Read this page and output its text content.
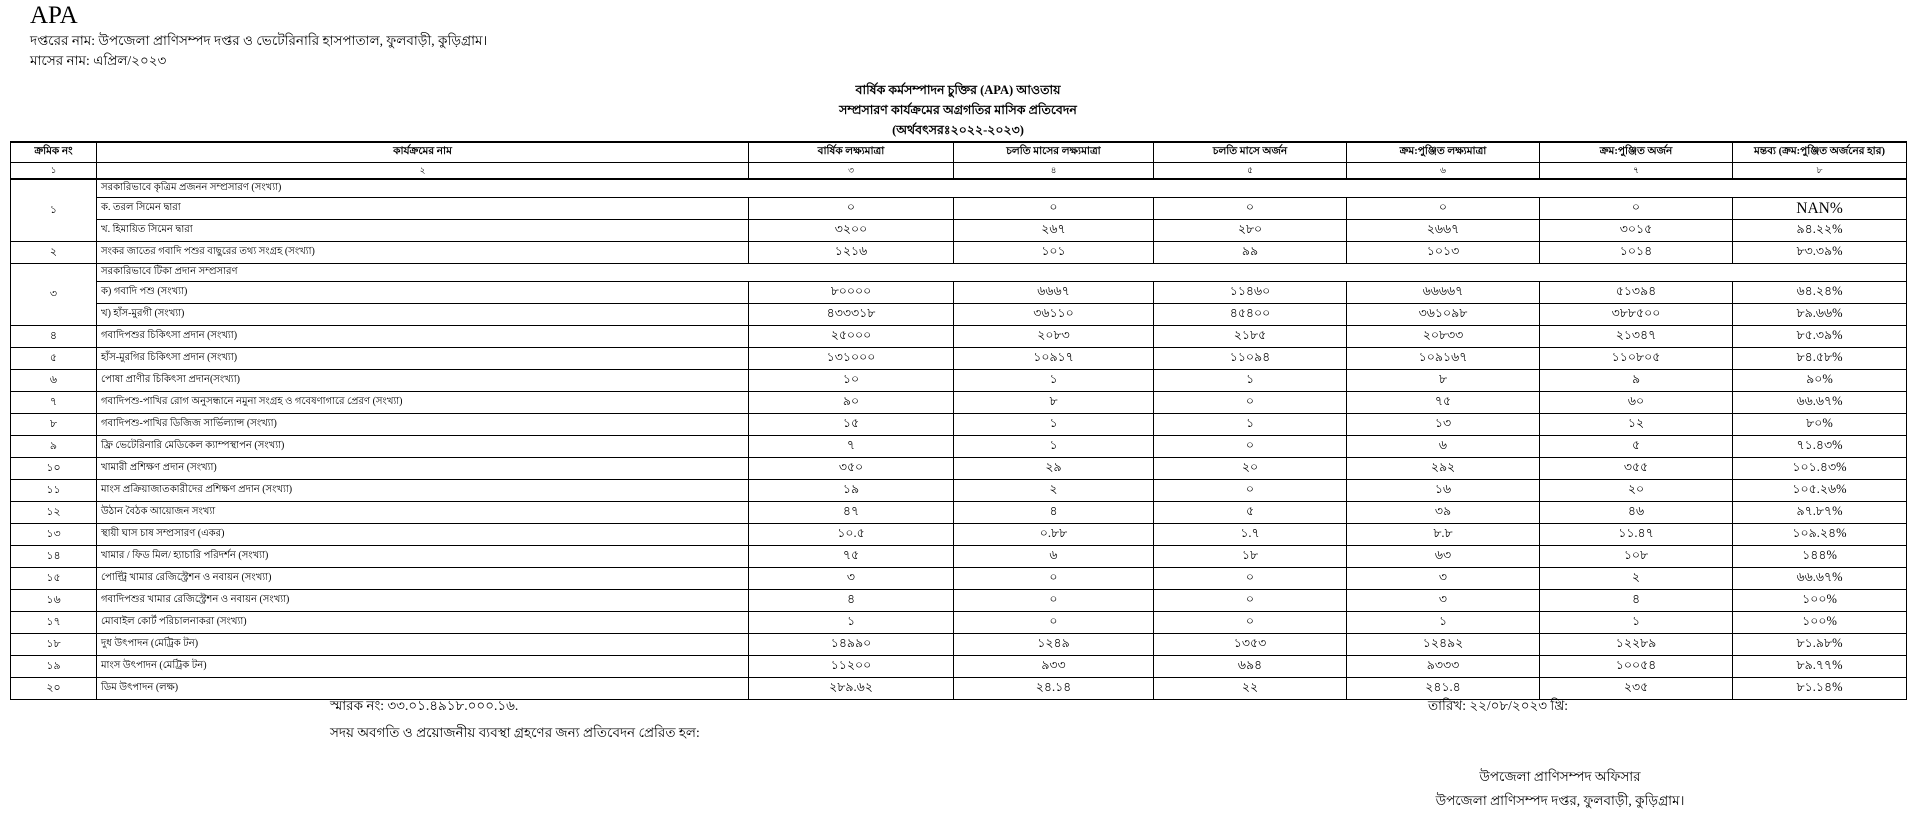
APA
দপ্তরের নাম: উপজেলা প্রাণিসম্পদ দপ্তর ও ভেটেরিনারি হাসপাতাল, ফুলবাড়ী, কুড়িগ্রাম।
মাসের নাম: এপ্রিল/২০২৩
বার্ষিক কর্মসম্পাদন চুক্তির (APA) আওতায়
সম্প্রসারণ কার্যক্রমের অগ্রগতির মাসিক প্রতিবেদন
(অর্থবৎসরঃ২০২২-২০২৩)
ক্রমিক নং	কার্যক্রমের নাম	বার্ষিক লক্ষ্যমাত্রা	চলতি মাসের লক্ষ্যমাত্রা	চলতি মাসে অর্জন	ক্রম:পুঞ্জিত লক্ষ্যমাত্রা	ক্রম:পুঞ্জিত অর্জন	মন্তব্য (ক্রম:পুঞ্জিত অর্জনের হার)
১	২	৩	৪	৫	৬	৭	৮
১	সরকারিভাবে কৃত্রিম প্রজনন সম্প্রসারণ (সংখ্যা)						
	ক. তরল সিমেন দ্বারা	০	০	০	০	০	NAN%
	খ. হিমায়িত সিমেন দ্বারা	৩২০০	২৬৭	২৮০	২৬৬৭	৩০১৫	৯৪.২২%
২	সংকর জাতের গবাদি পশুর বাছুরের তথ্য সংগ্রহ (সংখ্যা)	১২১৬	১০১	৯৯	১০১৩	১০১৪	৮৩.৩৯%
৩	সরকারিভাবে টিকা প্রদান সম্প্রসারণ						
	ক) গবাদি পশু (সংখ্যা)	৮০০০০	৬৬৬৭	১১৪৬০	৬৬৬৬৭	৫১৩৯৪	৬৪.২৪%
	খ) হাঁস-মুরগী (সংখ্যা)	৪৩৩৩১৮	৩৬১১০	৪৫৪০০	৩৬১০৯৮	৩৮৮৫০০	৮৯.৬৬%
৪	গবাদিপশুর চিকিৎসা প্রদান (সংখ্যা)	২৫০০০	২০৮৩	২১৮৫	২০৮৩৩	২১৩৪৭	৮৫.৩৯%
৫	হাঁস-মুরগির চিকিৎসা প্রদান (সংখ্যা)	১৩১০০০	১০৯১৭	১১০৯৪	১০৯১৬৭	১১০৮০৫	৮৪.৫৮%
৬	পোষা প্রাণীর চিকিৎসা প্রদান(সংখ্যা)	১০	১	১	৮	৯	৯০%
৭	গবাদিপশু-পাখির রোগ অনুসন্ধানে নমুনা সংগ্রহ ও গবেষণাগারে প্রেরণ (সংখ্যা)	৯০	৮	০	৭৫	৬০	৬৬.৬৭%
৮	গবাদিপশু-পাখির ডিজিজ সার্ভিল্যান্স (সংখ্যা)	১৫	১	১	১৩	১২	৮০%
৯	ফ্রি ভেটেরিনারি মেডিকেল ক্যাম্পস্থাপন (সংখ্যা)	৭	১	০	৬	৫	৭১.৪৩%
১০	খামারী প্রশিক্ষণ প্রদান (সংখ্যা)	৩৫০	২৯	২০	২৯২	৩৫৫	১০১.৪৩%
১১	মাংস প্রক্রিয়াজাতকারীদের প্রশিক্ষণ প্রদান (সংখ্যা)	১৯	২	০	১৬	২০	১০৫.২৬%
১২	উঠান বৈঠক আয়োজন সংখ্যা	৪৭	৪	৫	৩৯	৪৬	৯৭.৮৭%
১৩	স্থায়ী ঘাস চাষ সম্প্রসারণ (একর)	১০.৫	০.৮৮	১.৭	৮.৮	১১.৪৭	১০৯.২৪%
১৪	খামার / ফিড মিল/ হ্যাচারি পরিদর্শন (সংখ্যা)	৭৫	৬	১৮	৬৩	১০৮	১৪৪%
১৫	পোল্ট্রি খামার রেজিস্ট্রেশন ও নবায়ন (সংখ্যা)	৩	০	০	৩	২	৬৬.৬৭%
১৬	গবাদিপশুর খামার রেজিস্ট্রেশন ও নবায়ন (সংখ্যা)	৪	০	০	৩	৪	১০০%
১৭	মোবাইল কোর্ট পরিচালনাকরা (সংখ্যা)	১	০	০	১	১	১০০%
১৮	দুধ উৎপাদন (মেট্রিক টন)	১৪৯৯০	১২৪৯	১৩৫৩	১২৪৯২	১২২৮৯	৮১.৯৮%
১৯	মাংস উৎপাদন (মেট্রিক টন)	১১২০০	৯৩৩	৬৯৪	৯৩৩৩	১০০৫৪	৮৯.৭৭%
২০	ডিম উৎপাদন (লক্ষ)	২৮৯.৬২	২৪.১৪	২২	২৪১.৪	২৩৫	৮১.১৪%
স্মারক নং: ৩৩.০১.৪৯১৮.০০০.১৬.	তারিখ: ২২/০৮/২০২৩ খ্রি:
সদয় অবগতি ও প্রয়োজনীয় ব্যবস্থা গ্রহণের জন্য প্রতিবেদন প্রেরিত হল:
উপজেলা প্রাণিসম্পদ অফিসার
উপজেলা প্রাণিসম্পদ দপ্তর, ফুলবাড়ী, কুড়িগ্রাম।
